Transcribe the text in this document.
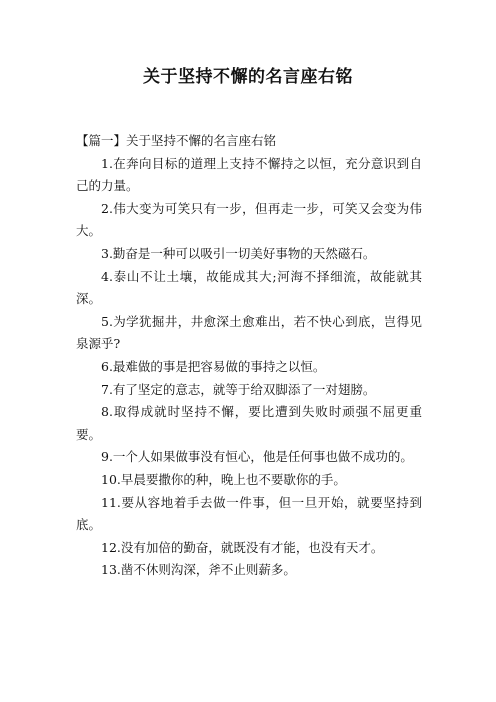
关于坚持不懈的名言座右铭

【篇一】关于坚持不懈的名言座右铭

1.在奔向目标的道理上支持不懈持之以恒，充分意识到自己的力量。

2.伟大变为可笑只有一步，但再走一步，可笑又会变为伟大。

3.勤奋是一种可以吸引一切美好事物的天然磁石。

4.泰山不让土壤，故能成其大;河海不择细流，故能就其深。

5.为学犹掘井，井愈深土愈难出，若不快心到底，岂得见泉源乎?

6.最难做的事是把容易做的事持之以恒。

7.有了坚定的意志，就等于给双脚添了一对翅膀。

8.取得成就时坚持不懈，要比遭到失败时顽强不屈更重要。

9.一个人如果做事没有恒心，他是任何事也做不成功的。

10.早晨要撒你的种，晚上也不要歇你的手。

11.要从容地着手去做一件事，但一旦开始，就要坚持到底。

12.没有加倍的勤奋，就既没有才能，也没有天才。

13.凿不休则沟深，斧不止则薪多。
